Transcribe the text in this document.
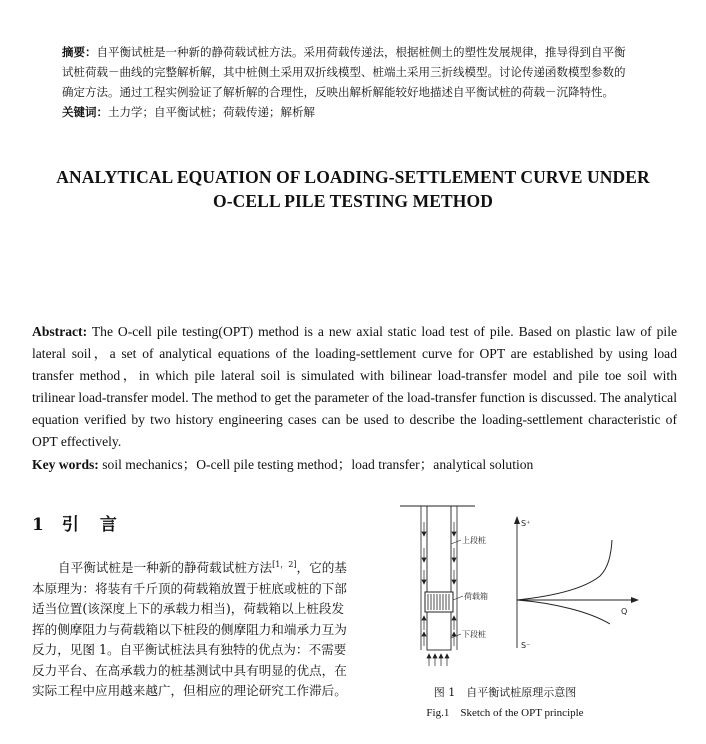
摘要：自平衡试桩是一种新的静荷载试桩方法。采用荷载传递法，根据桩侧土的塑性发展规律，推导得到自平衡
试桩荷载－曲线的完整解析解，其中桩侧土采用双折线模型、桩端土采用三折线模型。讨论传递函数模型参数的
确定方法。通过工程实例验证了解析解的合理性，反映出解析解能较好地描述自平衡试桩的荷载－沉降特性。
关键词：土力学；自平衡试桩；荷载传递；解析解
ANALYTICAL EQUATION OF LOADING-SETTLEMENT CURVE UNDER
O-CELL PILE TESTING METHOD

Abstract: The O-cell pile testing(OPT) method is a new axial static load test of pile. Based on plastic law of pile lateral soil，a set of analytical equations of the loading-settlement curve for OPT are established by using load transfer method，in which pile lateral soil is simulated with bilinear load-transfer model and pile toe soil with trilinear load-transfer model. The method to get the parameter of the load-transfer function is discussed. The analytical equation verified by two history engineering cases can be used to describe the loading-settlement characteristic of OPT effectively.

Key words: soil mechanics；O-cell pile testing method；load transfer；analytical solution
1 引　言
自平衡试桩是一种新的静荷载试桩方法[1，2]，它的基本原理为：将装有千斤顶的荷载箱放置于桩底或桩的下部适当位置(该深度上下的承载力相当)，荷载箱以上桩段发挥的侧摩阻力与荷载箱以下桩段的侧摩阻力和端承力互为反力，见图 1。自平衡试桩法具有独特的优点为：不需要反力平台、在高承载力的桩基测试中具有明显的优点，在实际工程中应用越来越广，但相应的理论研究工作滞后。
上段桩
荷载箱
下段桩
S⁺
S⁻
Q
图 1　自平衡试桩原理示意图
Fig.1　Sketch of the OPT principle
